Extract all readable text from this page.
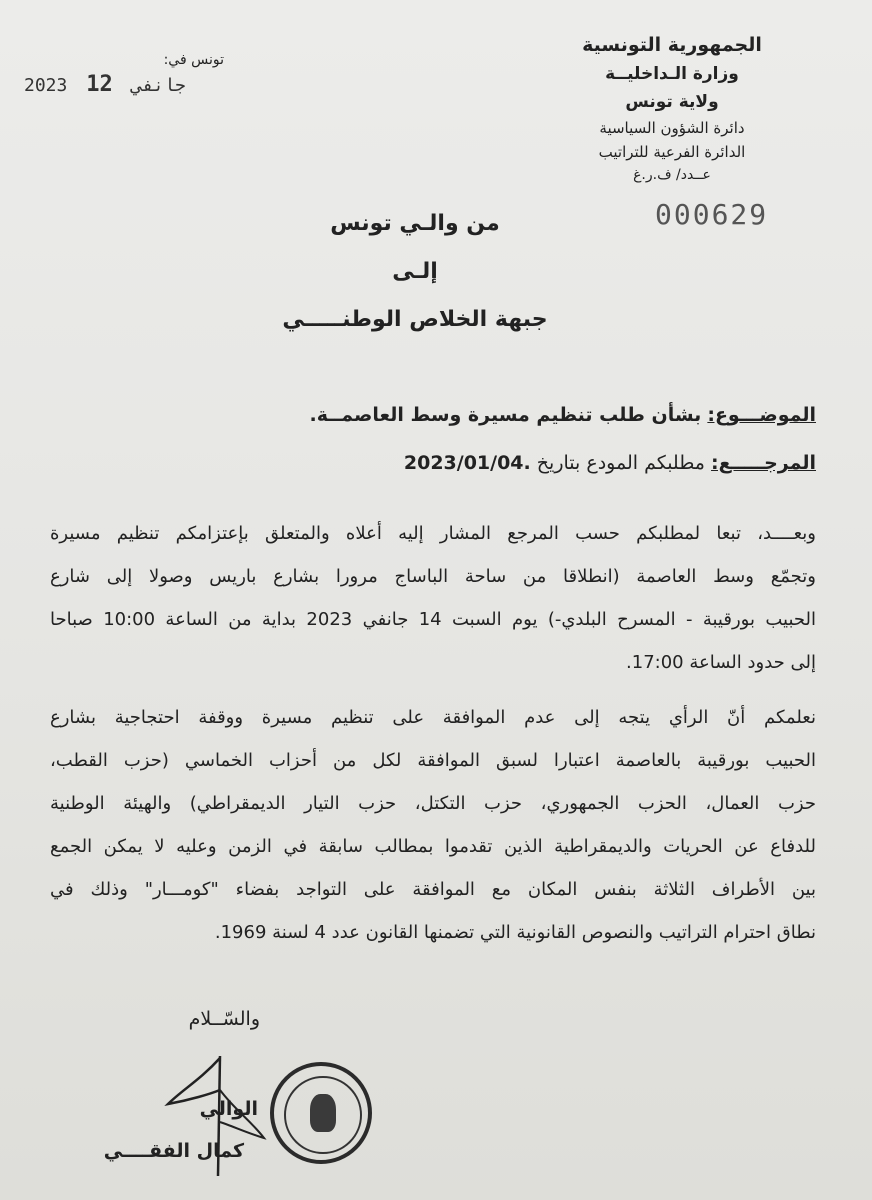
الجمهورية التونسية
وزارة الـداخليــة
ولاية تونس
دائرة الشؤون السياسية
الدائرة الفرعية للتراتيب
عــدد/ ف.ر.غ
تونس في:
2023	جانفي 12
000629
من والـي تونس
إلـى
جبهة الخلاص الوطنـــــي
الموضـــوع: بشأن طلب تنظيم مسيرة وسط العاصمــة.
المرجـــــع: مطلبكم المودع بتاريخ 2023/01/04.
وبعــــد، تبعا لمطلبكم حسب المرجع المشار إليه أعلاه والمتعلق بإعتزامكم تنظيم مسيرة
وتجمّع وسط العاصمة (انطلاقا من ساحة الباساج مرورا بشارع باريس وصولا إلى شارع
الحبيب بورقيبة - المسرح البلدي-) يوم السبت 14 جانفي 2023 بداية من الساعة 10:00 صباحا
إلى حدود الساعة 17:00.
نعلمكم أنّ الرأي يتجه إلى عدم الموافقة على تنظيم مسيرة ووقفة احتجاجية بشارع
الحبيب بورقيبة بالعاصمة اعتبارا لسبق الموافقة لكل من أحزاب الخماسي (حزب القطب،
حزب العمال، الحزب الجمهوري، حزب التكتل، حزب التيار الديمقراطي) والهيئة الوطنية
للدفاع عن الحريات والديمقراطية الذين تقدموا بمطالب سابقة في الزمن وعليه لا يمكن الجمع
بين الأطراف الثلاثة بنفس المكان مع الموافقة على التواجد بفضاء "كومـــار" وذلك في
نطاق احترام التراتيب والنصوص القانونية التي تضمنها القانون عدد 4 لسنة 1969.
والسّــلام
الوالي
كمال الفقــــي
